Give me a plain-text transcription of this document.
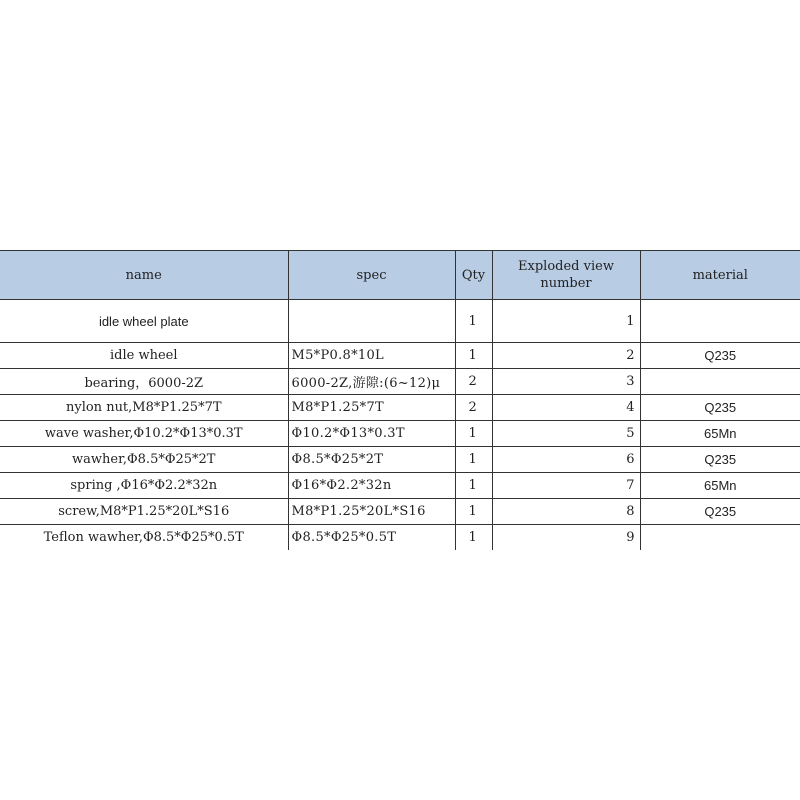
name	spec	Qty	Exploded view number	material
idle wheel plate		1	1	
idle wheel	M5*P0.8*10L	1	2	Q235
bearing，6000-2Z	6000-2Z,游隙:(6~12)μ	2	3	
nylon nut,M8*P1.25*7T	M8*P1.25*7T	2	4	Q235
wave washer,Φ10.2*Φ13*0.3T	Φ10.2*Φ13*0.3T	1	5	65Mn
wawher,Φ8.5*Φ25*2T	Φ8.5*Φ25*2T	1	6	Q235
spring ,Φ16*Φ2.2*32n	Φ16*Φ2.2*32n	1	7	65Mn
screw,M8*P1.25*20L*S16	M8*P1.25*20L*S16	1	8	Q235
Teflon wawher,Φ8.5*Φ25*0.5T	Φ8.5*Φ25*0.5T	1	9	
